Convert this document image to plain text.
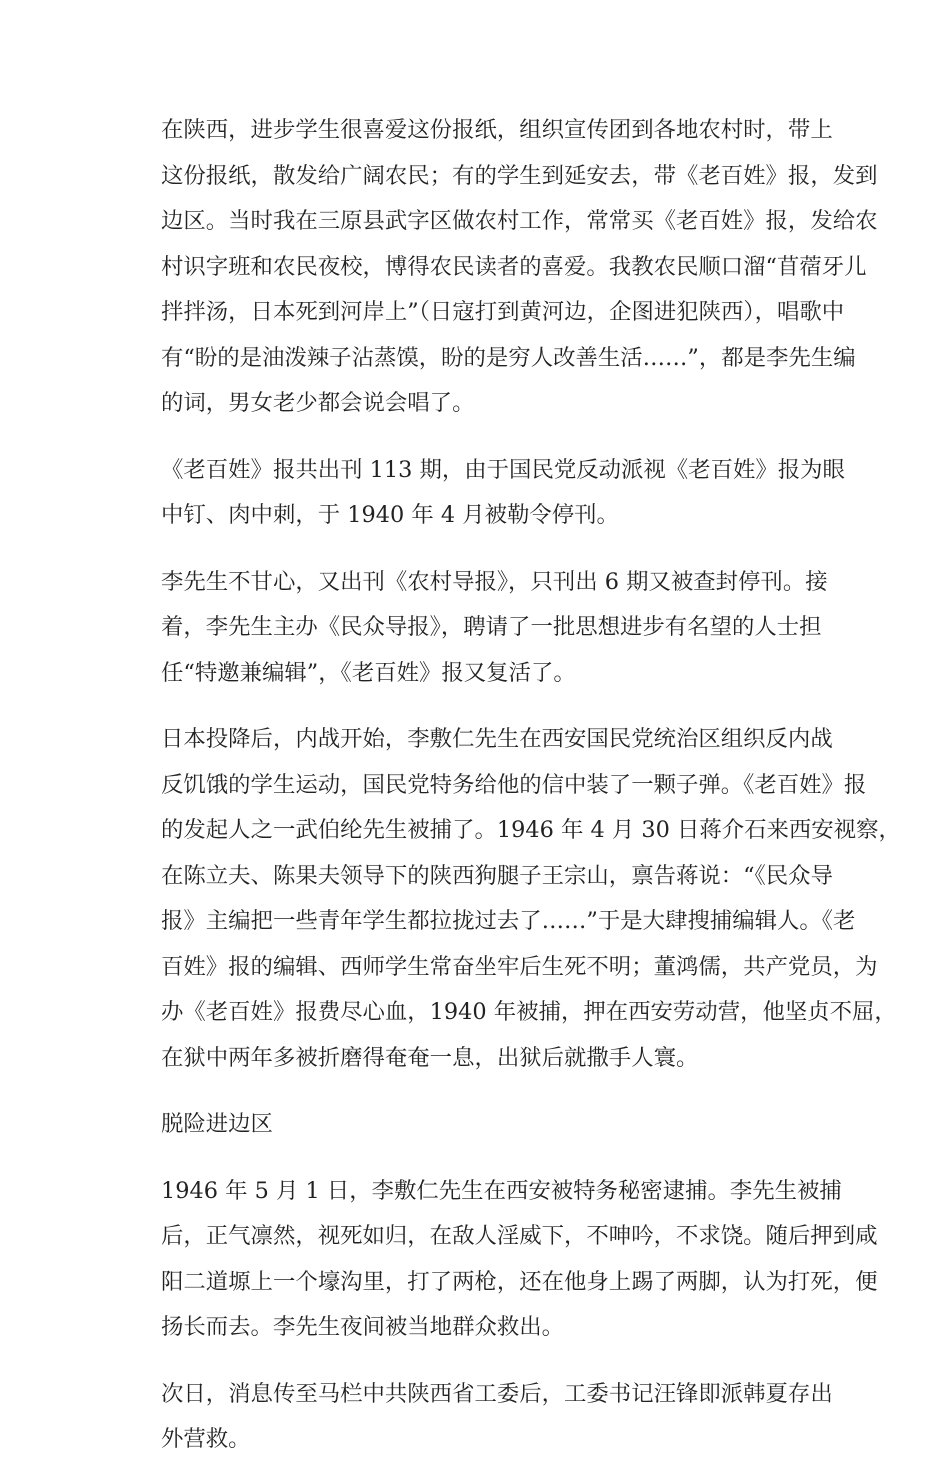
在陕西，进步学生很喜爱这份报纸，组织宣传团到各地农村时，带上
这份报纸，散发给广阔农民；有的学生到延安去，带《老百姓》报，发到
边区。当时我在三原县武字区做农村工作，常常买《老百姓》报，发给农
村识字班和农民夜校，博得农民读者的喜爱。我教农民顺口溜“苜蓿牙儿
拌拌汤，日本死到河岸上”（日寇打到黄河边，企图进犯陕西），唱歌中
有“盼的是油泼辣子沾蒸馍，盼的是穷人改善生活……”，都是李先生编
的词，男女老少都会说会唱了。

《老百姓》报共出刊 113 期，由于国民党反动派视《老百姓》报为眼
中钉、肉中刺，于 1940 年 4 月被勒令停刊。

李先生不甘心，又出刊《农村导报》，只刊出 6 期又被查封停刊。接
着，李先生主办《民众导报》，聘请了一批思想进步有名望的人士担
任“特邀兼编辑”，《老百姓》报又复活了。

日本投降后，内战开始，李敷仁先生在西安国民党统治区组织反内战
反饥饿的学生运动，国民党特务给他的信中装了一颗子弹。《老百姓》报
的发起人之一武伯纶先生被捕了。1946 年 4 月 30 日蒋介石来西安视察，
在陈立夫、陈果夫领导下的陕西狗腿子王宗山，禀告蒋说：“《民众导
报》主编把一些青年学生都拉拢过去了……”于是大肆搜捕编辑人。《老
百姓》报的编辑、西师学生常奋坐牢后生死不明；董鸿儒，共产党员，为
办《老百姓》报费尽心血，1940 年被捕，押在西安劳动营，他坚贞不屈，
在狱中两年多被折磨得奄奄一息，出狱后就撒手人寰。

脱险进边区

1946 年 5 月 1 日，李敷仁先生在西安被特务秘密逮捕。李先生被捕
后，正气凛然，视死如归，在敌人淫威下，不呻吟，不求饶。随后押到咸
阳二道塬上一个壕沟里，打了两枪，还在他身上踢了两脚，认为打死，便
扬长而去。李先生夜间被当地群众救出。

次日，消息传至马栏中共陕西省工委后，工委书记汪锋即派韩夏存出
外营救。
